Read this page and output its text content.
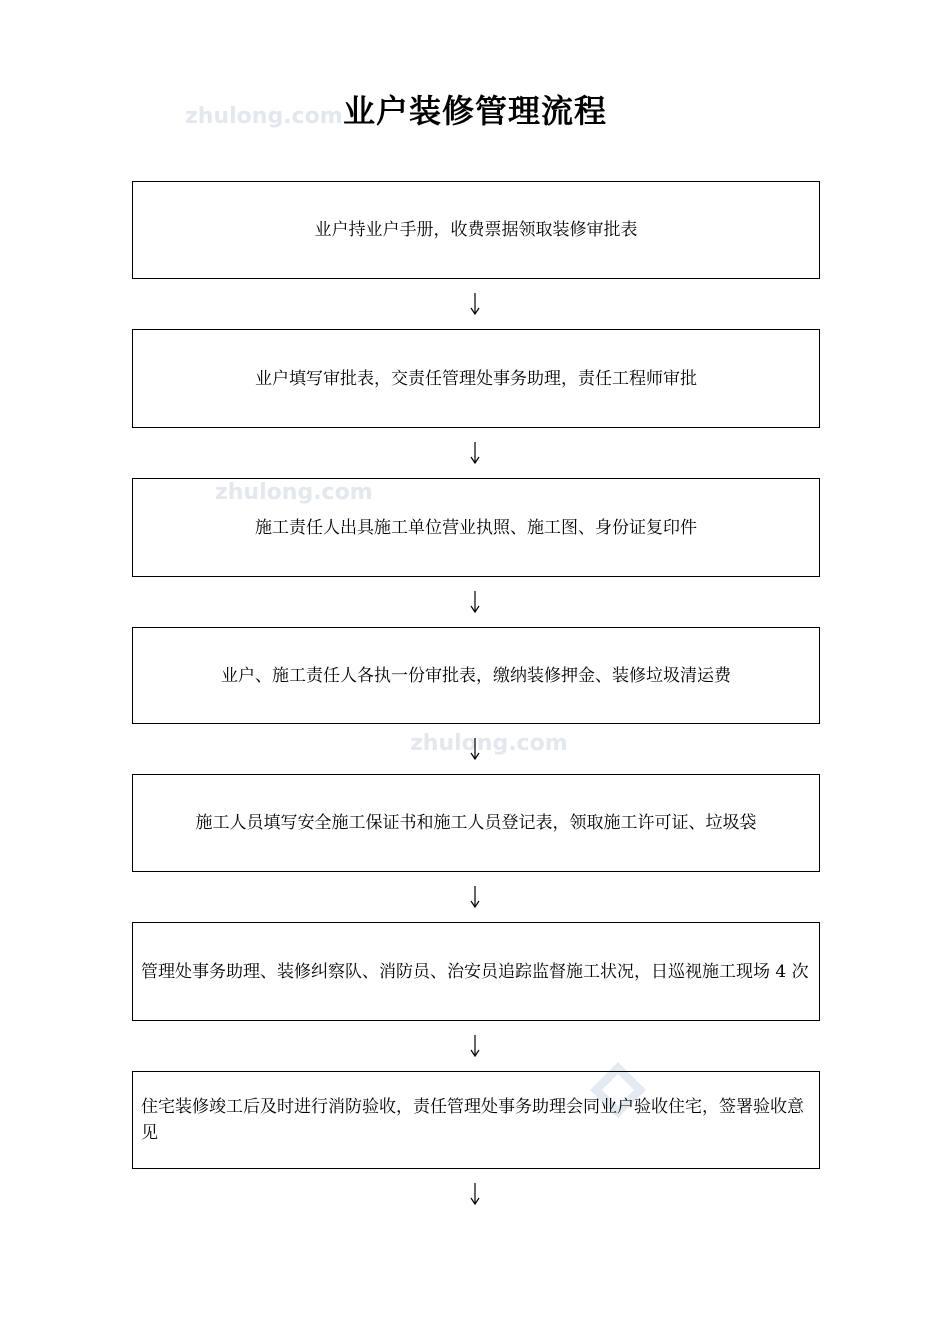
zhulong.com
zhulong.com
zhulong.com
业户装修管理流程
业户持业户手册，收费票据领取装修审批表
业户填写审批表，交责任管理处事务助理，责任工程师审批
施工责任人出具施工单位营业执照、施工图、身份证复印件
业户、施工责任人各执一份审批表，缴纳装修押金、装修垃圾清运费
施工人员填写安全施工保证书和施工人员登记表，领取施工许可证、垃圾袋
管理处事务助理、装修纠察队、消防员、治安员追踪监督施工状况，日巡视施工现场 4 次
住宅装修竣工后及时进行消防验收，责任管理处事务助理会同业户验收住宅，签署验收意见
